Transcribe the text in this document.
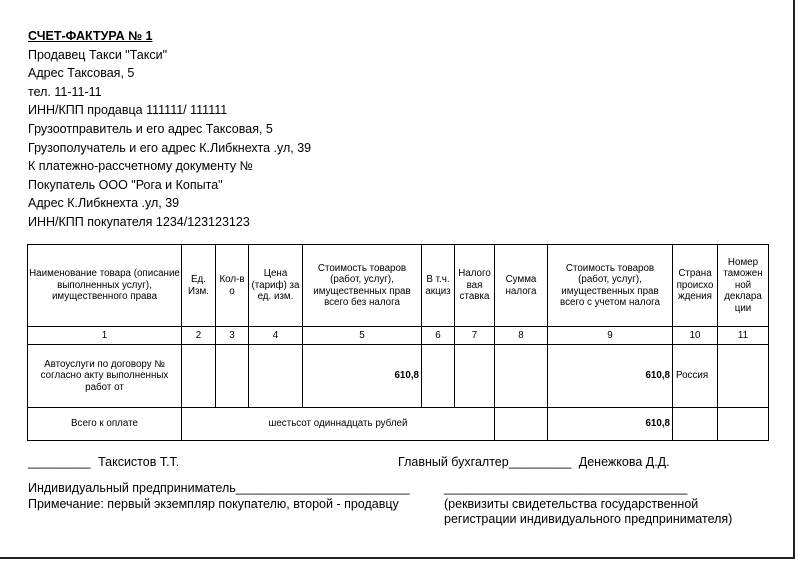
СЧЕТ-ФАКТУРА № 1
Продавец Такси "Такси"
Адрес Таксовая, 5
тел. 11-11-11
ИНН/КПП продавца 111111/ 111111
Грузоотправитель и его адрес Таксовая, 5
Грузополучатель и его адрес К.Либкнехта .ул, 39
К платежно-рассчетному документу №
Покупатель ООО "Рога и Копыта"
Адрес К.Либкнехта .ул, 39
ИНН/КПП покупателя 1234/123123123
Наименование товара (описание выполненных услуг), имущественного права	Ед. Изм.	Кол-в о	Цена (тариф) за ед. изм.	Стоимость товаров (работ, услуг), имущественных прав всего без налога	В т.ч. акциз	Налого вая ставка	Сумма налога	Стоимость товаров (работ, услуг), имущественных прав всего с учетом налога	Страна происхо ждения	Номер таможен ной деклара ции
1	2	3	4	5	6	7	8	9	10	11
Автоуслуги по договору № согласно акту выполненных работ от				610,8				610,8	Россия	
Всего к оплате	шестьсот одиннадцать рублей							610,8		
_________ Таксистов Т.Т.	Главный бухгалтер_________ Денежкова Д.Д.
Индивидуальный предприниматель_________________________	___________________________________
Примечание: первый экземпляр покупателю, второй - продавцу	(реквизиты свидетельства государственной регистрации индивидуального предпринимателя)
